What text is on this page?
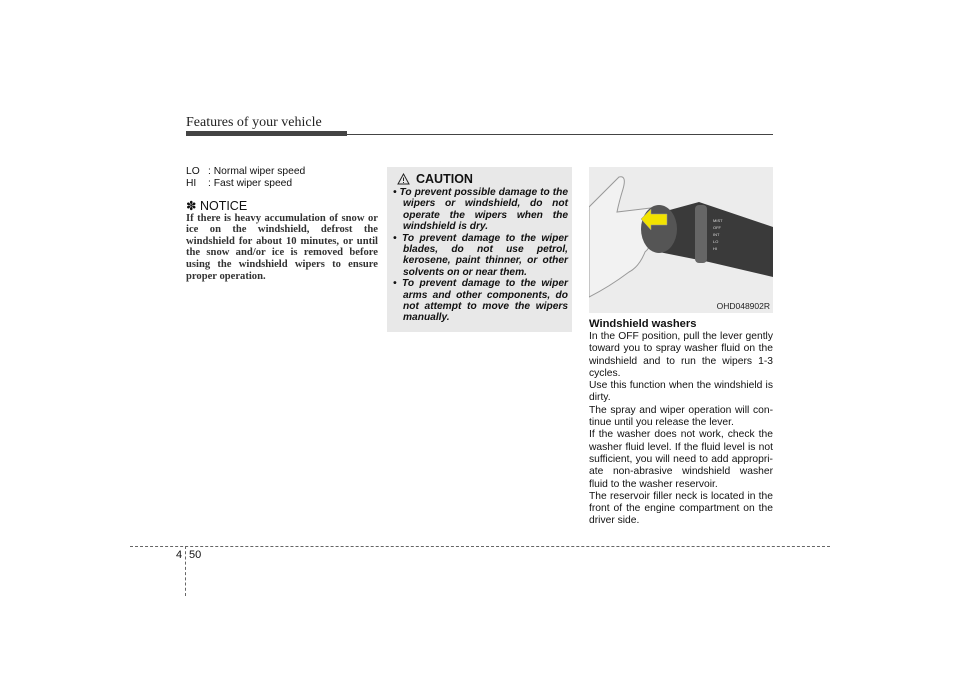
Features of your vehicle
LO : Normal wiper speed
HI	: Fast wiper speed
✽ NOTICE
If there is heavy accumulation of snow or ice on the windshield, defrost the windshield for about 10 minutes, or until the snow and/or ice is removed before using the windshield wipers to ensure proper operation.
CAUTION
• To prevent possible damage to the wipers or windshield, do not operate the wipers when the windshield is dry.
• To prevent damage to the wiper blades, do not use petrol, kerosene, paint thinner, or other solvents on or near them.
• To prevent damage to the wiper arms and other components, do not attempt to move the wipers manually.
MIST
OFF
INT
LO
HI
OHD048902R
Windshield washers

In the OFF position, pull the lever gently toward you to spray washer fluid on the windshield and to run the wipers 1-3 cycles.

Use this function when the windshield is dirty.

The spray and wiper operation will con-tinue until you release the lever.

If the washer does not work, check the washer fluid level. If the fluid level is not sufficient, you will need to add appropri-ate non-abrasive windshield washer fluid to the washer reservoir.

The reservoir filler neck is located in the front of the engine compartment on the driver side.

4 50
